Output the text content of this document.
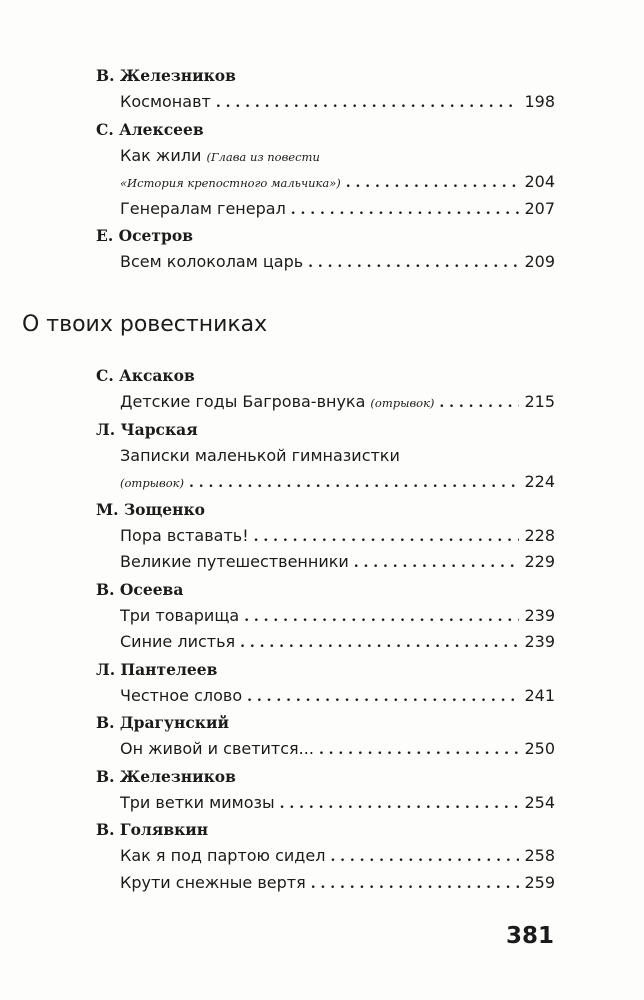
В. Железников
Космонавт . . .	198
С. Алексеев
Как жили (Глава из повести
«История крепостного мальчика») . . .	204
Генералам генерал . . .	207
Е. Осетров
Всем колоколам царь . . .	209
О твоих ровестниках
С. Аксаков
Детские годы Багрова-внука (отрывок) . . .	215
Л. Чарская
Записки маленькой гимназистки
(отрывок) . . .	224
М. Зощенко
Пора вставать! . . .	228
Великие путешественники . . .	229
В. Осеева
Три товарища . . .	239
Синие листья . . .	239
Л. Пантелеев
Честное слово . . .	241
В. Драгунский
Он живой и светится... . . .	250
В. Железников
Три ветки мимозы . . .	254
В. Голявкин
Как я под партою сидел . . .	258
Крути снежные вертя . . .	259
381
